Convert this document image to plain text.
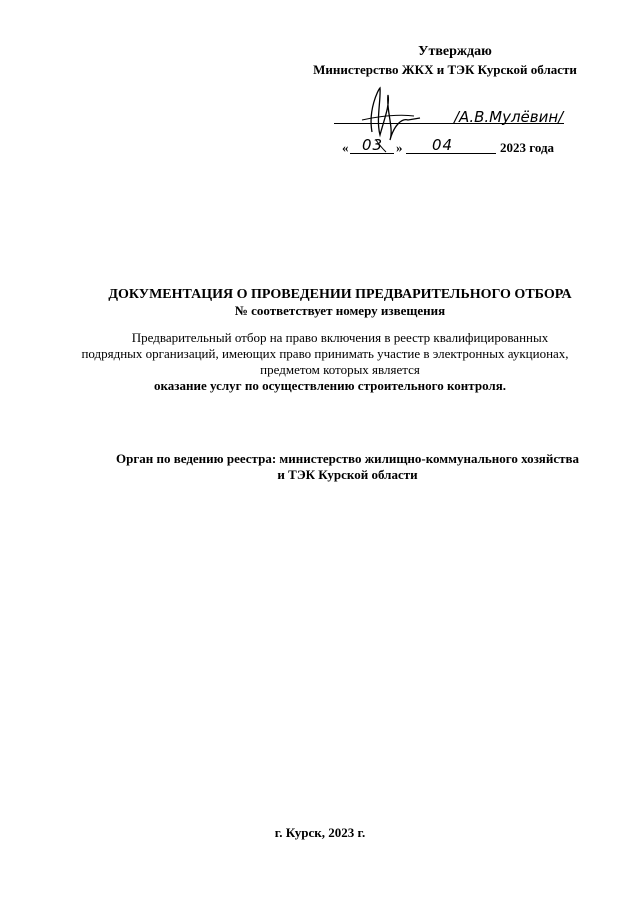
Утверждаю
Министерство ЖКХ и ТЭК Курской области
/А.В.Мулёвин/
« 03 » 04	2023 года
ДОКУМЕНТАЦИЯ О ПРОВЕДЕНИИ ПРЕДВАРИТЕЛЬНОГО ОТБОРА
№ соответствует номеру извещения
Предварительный отбор на право включения в реестр квалифицированных
подрядных организаций, имеющих право принимать участие в электронных аукционах,
предметом которых является
оказание услуг по осуществлению строительного контроля.
Орган по ведению реестра: министерство жилищно-коммунального хозяйства
и ТЭК Курской области
г. Курск, 2023 г.
